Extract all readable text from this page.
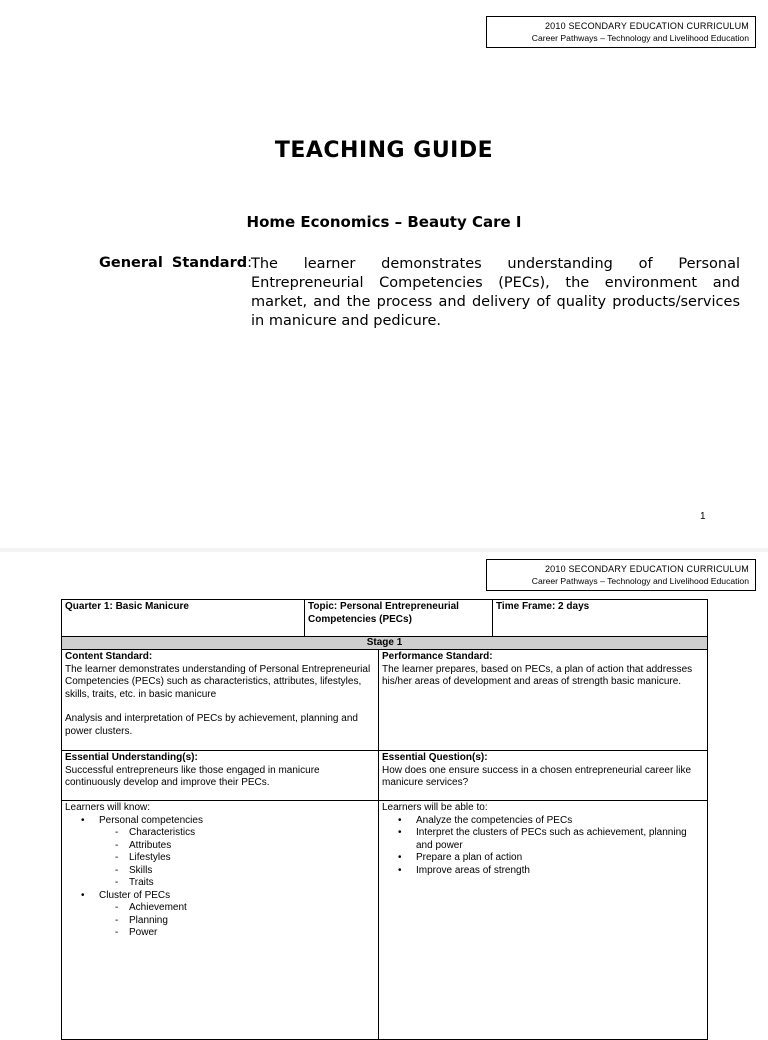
2010 SECONDARY EDUCATION CURRICULUM
Career Pathways – Technology and Livelihood Education
TEACHING GUIDE
Home Economics – Beauty Care I
General Standard: The learner demonstrates understanding of Personal Entrepreneurial Competencies (PECs), the environment and market, and the process and delivery of quality products/services in manicure and pedicure.
1
2010 SECONDARY EDUCATION CURRICULUM
Career Pathways – Technology and Livelihood Education
Quarter 1: Basic Manicure	Topic: Personal Entrepreneurial Competencies (PECs)
Time Frame: 2 days
Stage 1
Content Standard:
The learner demonstrates understanding of Personal Entrepreneurial Competencies (PECs) such as characteristics, attributes, lifestyles, skills, traits, etc. in basic manicure

Analysis and interpretation of PECs by achievement, planning and power clusters.

Performance Standard:
The learner prepares, based on PECs, a plan of action that addresses his/her areas of development and areas of strength basic manicure.
Essential Understanding(s):
Successful entrepreneurs like those engaged in manicure continuously develop and improve their PECs.
Essential Question(s):
How does one ensure success in a chosen entrepreneurial career like manicure services?
Learners will know:
• Personal competencies
- Characteristics
- Attributes
- Lifestyles
- Skills
- Traits
• Cluster of PECs
- Achievement
- Planning
- Power
Learners will be able to:
• Analyze the competencies of PECs
• Interpret the clusters of PECs such as achievement, planning and power
• Prepare a plan of action
• Improve areas of strength
